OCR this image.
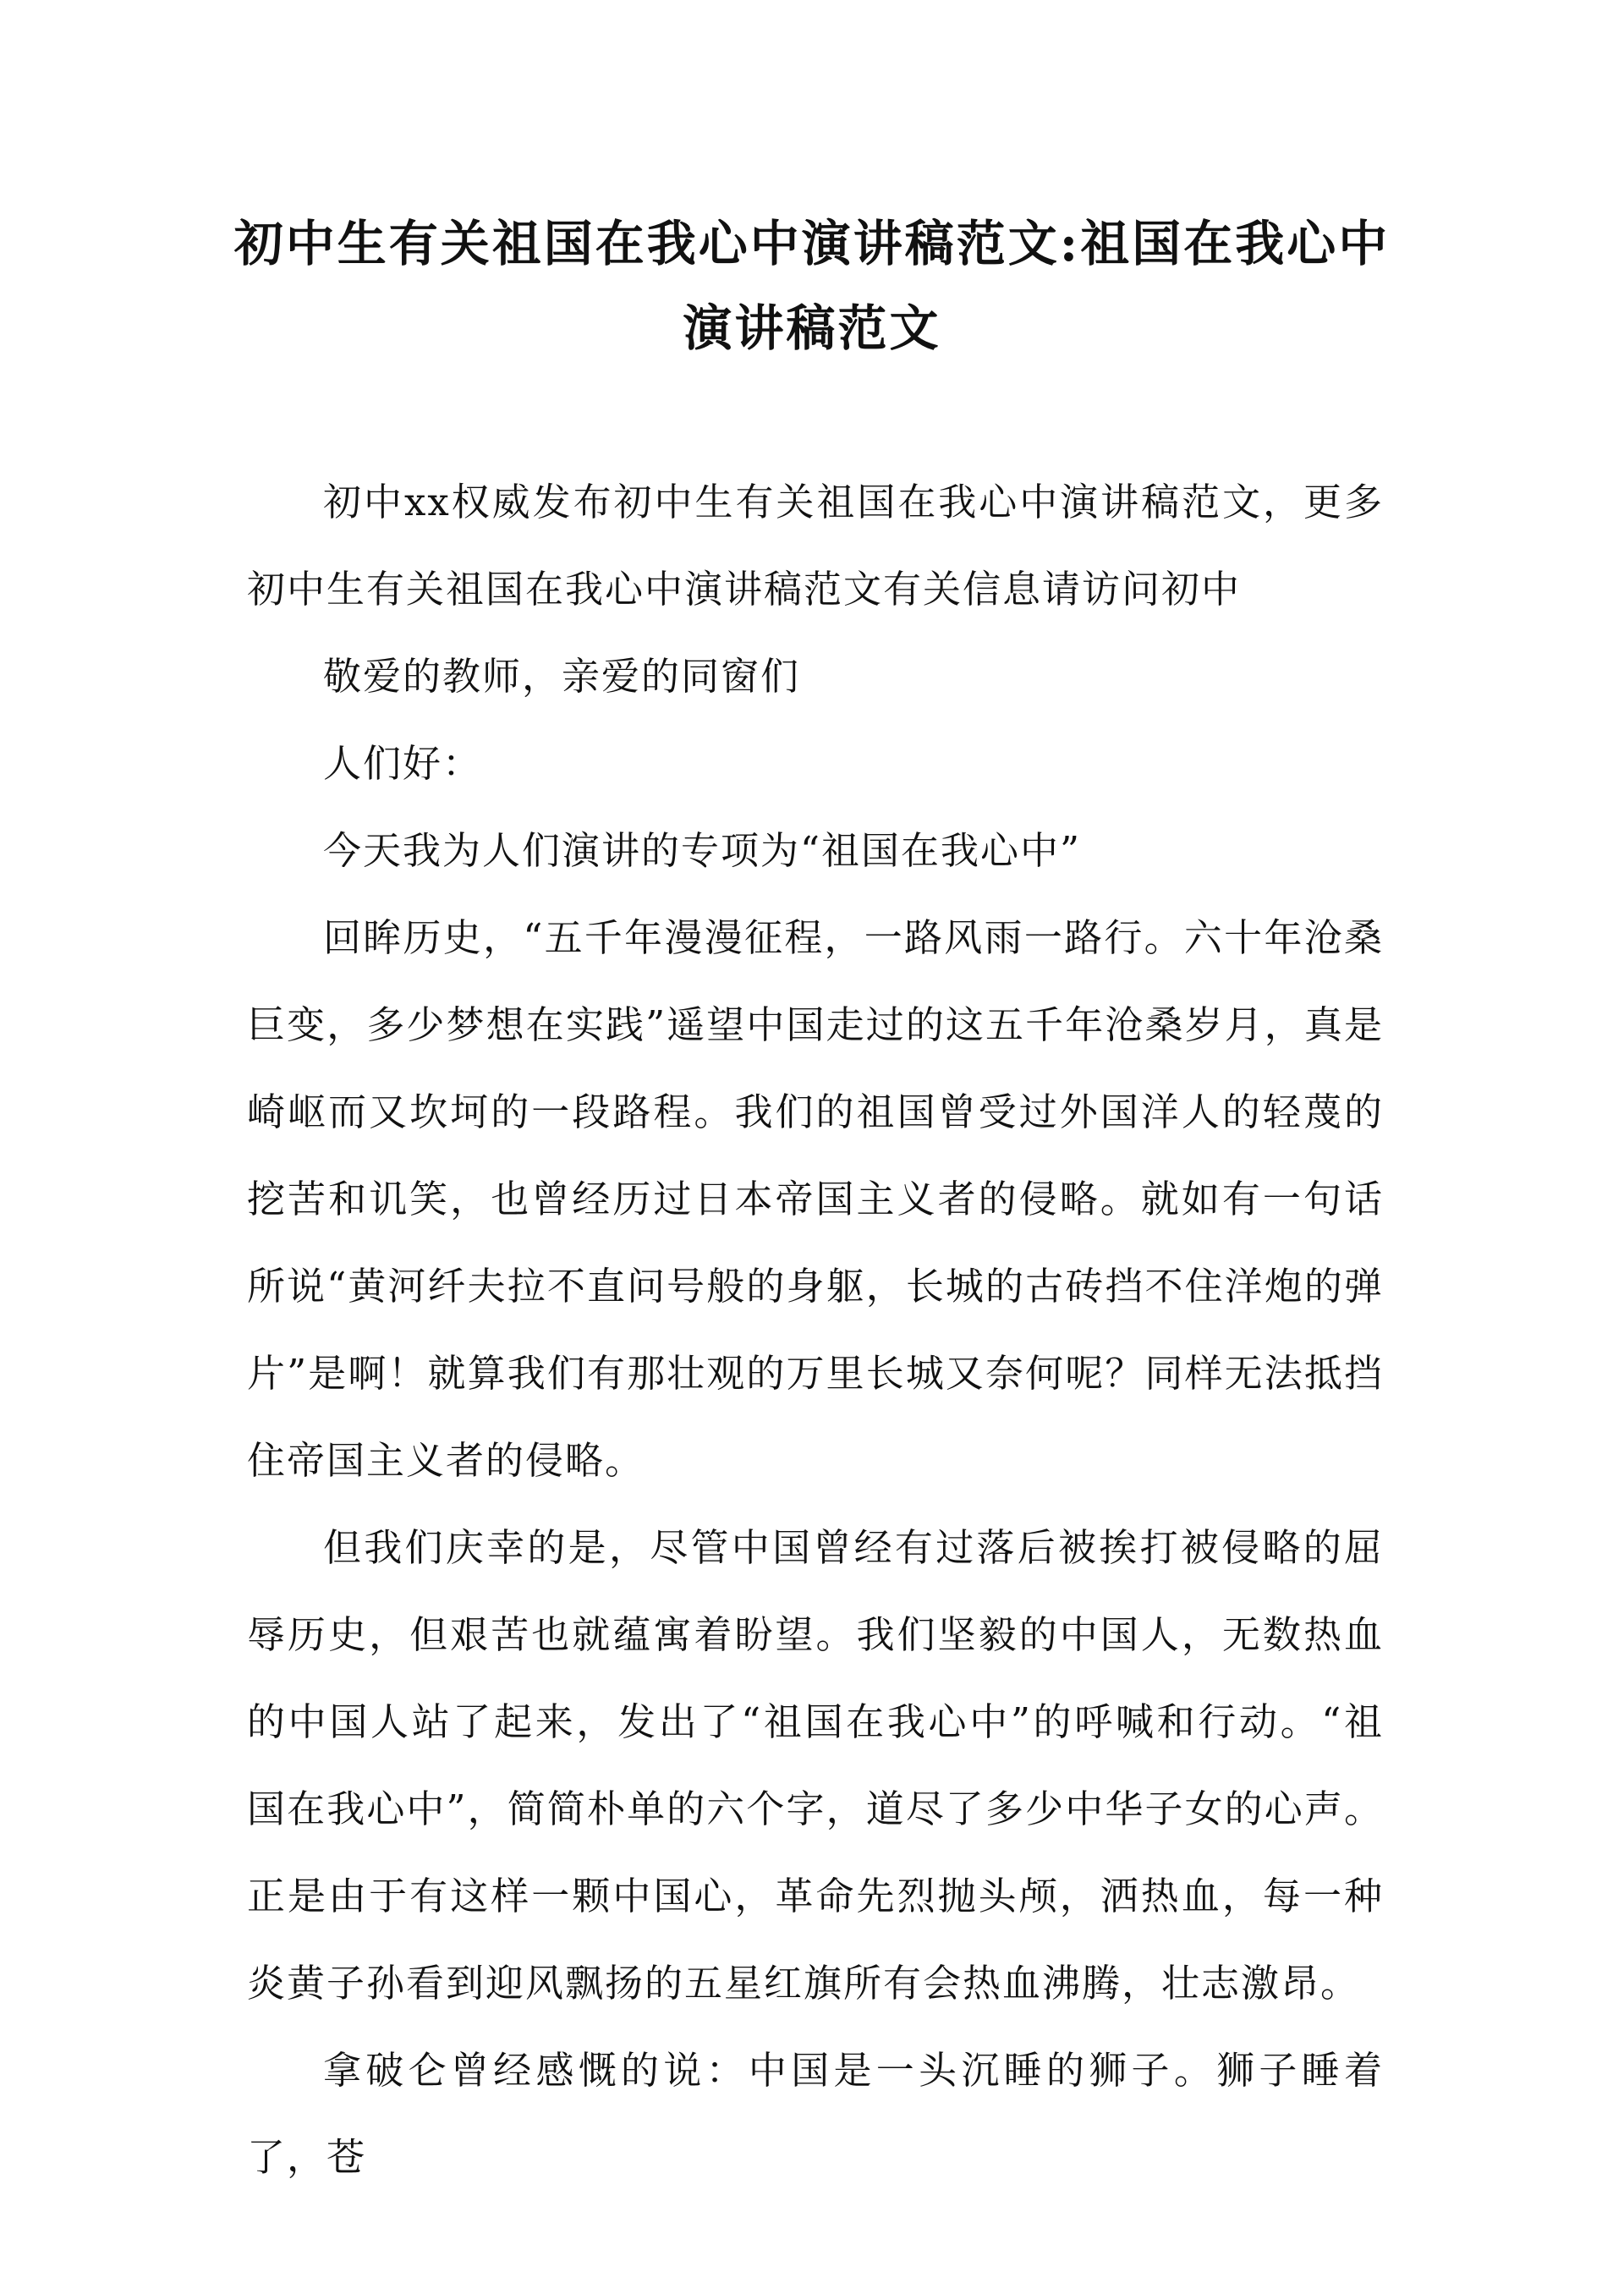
初中生有关祖国在我心中演讲稿范文:祖国在我心中
演讲稿范文

初中xx权威发布初中生有关祖国在我心中演讲稿范文，更多初中生有关祖国在我心中演讲稿范文有关信息请访问初中

敬爱的教师，亲爱的同窗们

人们好：

今天我为人们演讲的专项为“祖国在我心中”

回眸历史，“五千年漫漫征程，一路风雨一路行。六十年沧桑巨变，多少梦想在实践”遥望中国走过的这五千年沧桑岁月，真是崎岖而又坎坷的一段路程。我们的祖国曾受过外国洋人的轻蔑的挖苦和讥笑，也曾经历过日本帝国主义者的侵略。就如有一句话所说“黄河纤夫拉不直问号般的身躯，长城的古砖挡不住洋炮的弹片”是啊！就算我们有那壮观的万里长城又奈何呢？同样无法抵挡住帝国主义者的侵略。

但我们庆幸的是，尽管中国曾经有过落后被挨打被侵略的屈辱历史，但艰苦也就蕴寓着盼望。我们坚毅的中国人，无数热血的中国人站了起来，发出了“祖国在我心中”的呼喊和行动。“祖国在我心中”，简简朴单的六个字，道尽了多少中华子女的心声。正是由于有这样一颗中国心，革命先烈抛头颅，洒热血，每一种炎黄子孙看到迎风飘扬的五星红旗所有会热血沸腾，壮志激昂。

拿破仑曾经感慨的说：中国是一头沉睡的狮子。狮子睡着了，苍
